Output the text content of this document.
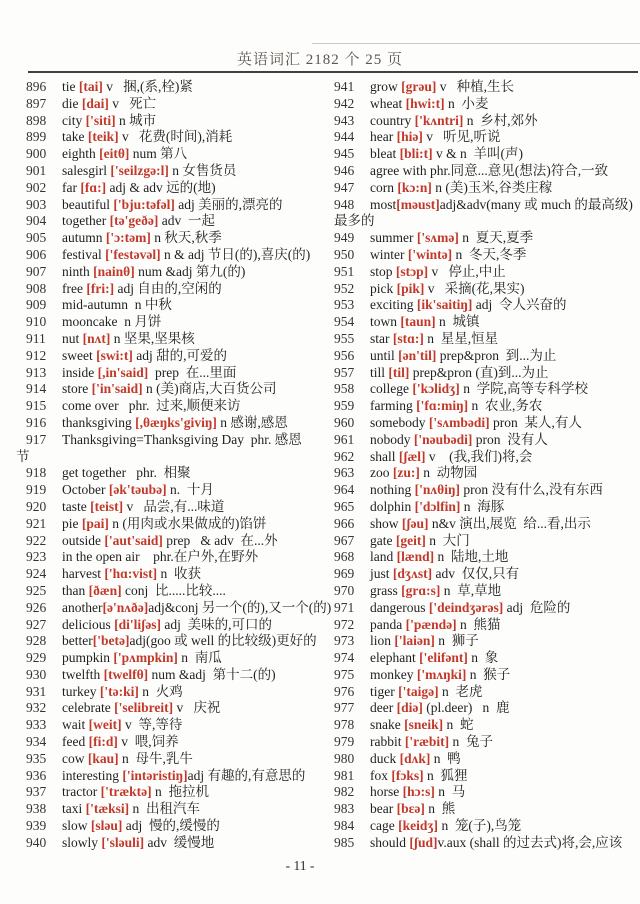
英语词汇 2182 个 25 页
896	tie [tai] v   捆,(系,栓)紧
897	die [dai] v   死亡
898	city ['siti] n 城市
899	take [teik] v   花费(时间),消耗
900	eighth [eitθ] num 第八
901	salesgirl ['seilzgə:l] n 女售货员
902	far [fɑ:] adj & adv 远的(地)
903	beautiful ['bju:təfəl] adj 美丽的,漂亮的
904	together [tə'geðə] adv  一起
905	autumn ['ɔ:təm] n 秋天,秋季
906	festival ['festəvəl] n & adj 节日(的),喜庆(的)
907	ninth [nainθ] num &adj 第九(的)
908	free [fri:] adj 自由的,空闲的
909	mid-autumn  n 中秋
910	mooncake  n 月饼
911	nut [nʌt] n 坚果,坚果核
912	sweet [swi:t] adj 甜的,可爱的
913	inside [,in'said]  prep  在...里面
914	store ['in'said] n (美)商店,大百货公司
915	come over   phr.  过来,顺便来访
916	thanksgiving [,θæŋks'giviŋ] n 感谢,感恩
917	Thanksgiving=Thanksgiving Day  phr. 感恩
节
918	get together   phr.  相聚
919	October [ək'təubə] n.  十月
920	taste [teist] v   品尝,有...味道
921	pie [pai] n (用肉或水果做成的)馅饼
922	outside ['aut'said] prep   & adv  在...外
923	in the open air    phr.在户外,在野外
924	harvest ['hɑ:vist] n  收获
925	than [ðæn] conj  比.....比较....
926	another[ə'nʌðə]adj&conj 另一个(的),又一个(的)
927	delicious [di'liʃəs] adj  美味的,可口的
928	better['betə]adj(goo 或 well 的比较级)更好的
929	pumpkin ['pʌmpkin] n  南瓜
930	twelfth [twelfθ] num &adj  第十二(的)
931	turkey ['tə:ki] n  火鸡
932	celebrate ['selibreit] v   庆祝
933	wait [weit] v  等,等待
934	feed [fi:d] v  喂,饲养
935	cow [kau] n  母牛,乳牛
936	interesting ['intəristiŋ]adj 有趣的,有意思的
937	tractor ['træktə] n  拖拉机
938	taxi ['tæksi] n  出租汽车
939	slow [sləu] adj  慢的,缓慢的
940	slowly ['sləuli] adv  缓慢地
941	grow [grəu] v   种植,生长
942	wheat [hwi:t] n  小麦
943	country ['kʌntri] n  乡村,郊外
944	hear [hiə] v   听见,听说
945	bleat [bli:t] v & n  羊叫(声)
946	agree with phr.同意...意见(想法)符合,一致
947	corn [kɔ:n] n (美)玉米,谷类庄稼
948	most[məust]adj&adv(many 或 much 的最高级)
最多的
949	summer ['sʌmə] n  夏天,夏季
950	winter ['wintə] n  冬天,冬季
951	stop [stɔp] v   停止,中止
952	pick [pik] v   采摘(花,果实)
953	exciting [ik'saitiŋ] adj  令人兴奋的
954	town [taun] n  城镇
955	star [stɑ:] n  星星,恒星
956	until [ən'til] prep&pron  到...为止
957	till [til] prep&pron (直)到...为止
958	college ['kɔlidʒ] n  学院,高等专科学校
959	farming ['fɑ:miŋ] n  农业,务农
960	somebody ['sʌmbədi] pron  某人,有人
961	nobody ['nəubədi] pron  没有人
962	shall [ʃæl] v    (我,我们)将,会
963	zoo [zu:] n  动物园
964	nothing ['nʌθiŋ] pron 没有什么,没有东西
965	dolphin ['dɔlfin] n  海豚
966	show [ʃəu] n&v 演出,展览  给...看,出示
967	gate [geit] n  大门
968	land [lænd] n  陆地,土地
969	just [dʒʌst] adv  仅仅,只有
970	grass [grɑ:s] n  草,草地
971	dangerous ['deindʒərəs] adj  危险的
972	panda ['pændə] n  熊猫
973	lion ['laiən] n  狮子
974	elephant ['elifənt] n  象
975	monkey ['mʌŋki] n  猴子
976	tiger ['taigə] n  老虎
977	deer [diə] (pl.deer)   n  鹿
978	snake [sneik] n  蛇
979	rabbit ['ræbit] n  兔子
980	duck [dʌk] n  鸭
981	fox [fɔks] n  狐狸
982	horse [hɔ:s] n  马
983	bear [bɛə] n  熊
984	cage [keidʒ] n  笼(子),鸟笼
985	should [ʃud]v.aux (shall 的过去式)将,会,应该
- 11 -
